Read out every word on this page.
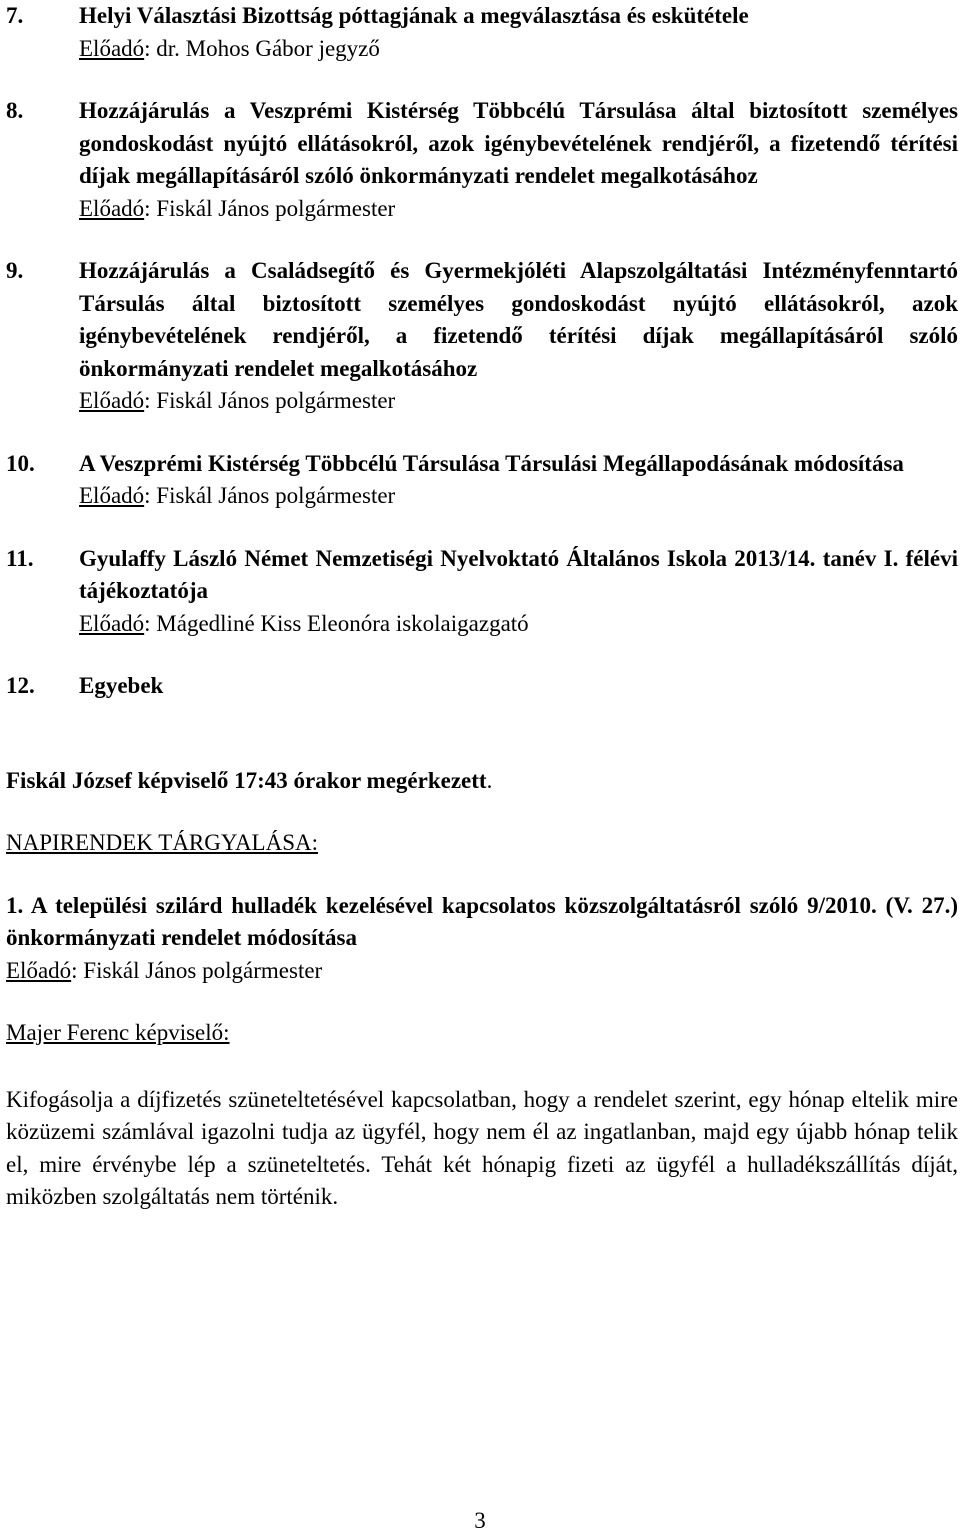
7. Helyi Választási Bizottság póttagjának a megválasztása és eskütétele
Előadó: dr. Mohos Gábor jegyző
8. Hozzájárulás a Veszprémi Kistérség Többcélú Társulása által biztosított személyes gondoskodást nyújtó ellátásokról, azok igénybevételének rendjéről, a fizetendő térítési díjak megállapításáról szóló önkormányzati rendelet megalkotásához
Előadó: Fiskál János polgármester
9. Hozzájárulás a Családsegítő és Gyermekjóléti Alapszolgáltatási Intézményfenntartó Társulás által biztosított személyes gondoskodást nyújtó ellátásokról, azok igénybevételének rendjéről, a fizetendő térítési díjak megállapításáról szóló önkormányzati rendelet megalkotásához
Előadó: Fiskál János polgármester
10. A Veszprémi Kistérség Többcélú Társulása Társulási Megállapodásának módosítása
Előadó: Fiskál János polgármester
11. Gyulaffy László Német Nemzetiségi Nyelvoktató Általános Iskola 2013/14. tanév I. félévi tájékoztatója
Előadó: Mágedliné Kiss Eleonóra iskolaigazgató
12. Egyebek

Fiskál József képviselő 17:43 órakor megérkezett.

NAPIRENDEK TÁRGYALÁSA:

1. A települési szilárd hulladék kezelésével kapcsolatos közszolgáltatásról szóló 9/2010. (V. 27.) önkormányzati rendelet módosítása
Előadó: Fiskál János polgármester

Majer Ferenc képviselő:

Kifogásolja a díjfizetés szüneteltetésével kapcsolatban, hogy a rendelet szerint, egy hónap eltelik mire közüzemi számlával igazolni tudja az ügyfél, hogy nem él az ingatlanban, majd egy újabb hónap telik el, mire érvénybe lép a szüneteltetés. Tehát két hónapig fizeti az ügyfél a hulladékszállítás díját, miközben szolgáltatás nem történik.

3
